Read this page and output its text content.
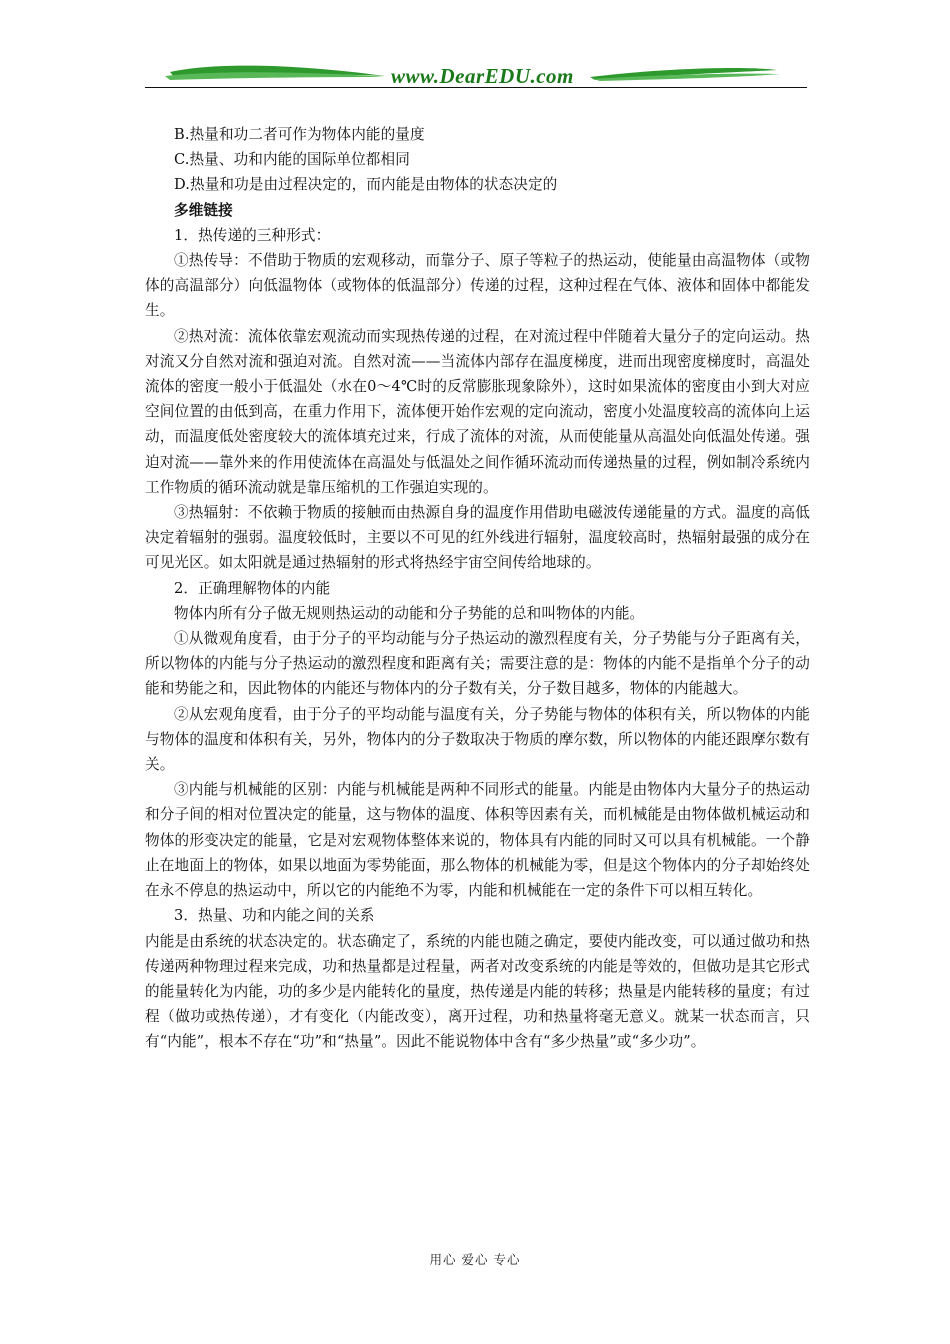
www.DearEDU.com

B.热量和功二者可作为物体内能的量度

C.热量、功和内能的国际单位都相同

D.热量和功是由过程决定的，而内能是由物体的状态决定的

多维链接

1．热传递的三种形式：

①热传导：不借助于物质的宏观移动，而靠分子、原子等粒子的热运动，使能量由高温物体（或物体的高温部分）向低温物体（或物体的低温部分）传递的过程，这种过程在气体、液体和固体中都能发生。

②热对流：流体依靠宏观流动而实现热传递的过程，在对流过程中伴随着大量分子的定向运动。热对流又分自然对流和强迫对流。自然对流——当流体内部存在温度梯度，进而出现密度梯度时，高温处流体的密度一般小于低温处（水在0～4℃时的反常膨胀现象除外），这时如果流体的密度由小到大对应空间位置的由低到高，在重力作用下，流体便开始作宏观的定向流动，密度小处温度较高的流体向上运动，而温度低处密度较大的流体填充过来，行成了流体的对流，从而使能量从高温处向低温处传递。强迫对流——靠外来的作用使流体在高温处与低温处之间作循环流动而传递热量的过程，例如制冷系统内工作物质的循环流动就是靠压缩机的工作强迫实现的。

③热辐射：不依赖于物质的接触而由热源自身的温度作用借助电磁波传递能量的方式。温度的高低决定着辐射的强弱。温度较低时，主要以不可见的红外线进行辐射，温度较高时，热辐射最强的成分在可见光区。如太阳就是通过热辐射的形式将热经宇宙空间传给地球的。

2．正确理解物体的内能

物体内所有分子做无规则热运动的动能和分子势能的总和叫物体的内能。

①从微观角度看，由于分子的平均动能与分子热运动的激烈程度有关，分子势能与分子距离有关，所以物体的内能与分子热运动的激烈程度和距离有关；需要注意的是：物体的内能不是指单个分子的动能和势能之和，因此物体的内能还与物体内的分子数有关，分子数目越多，物体的内能越大。

②从宏观角度看，由于分子的平均动能与温度有关，分子势能与物体的体积有关，所以物体的内能与物体的温度和体积有关，另外，物体内的分子数取决于物质的摩尔数，所以物体的内能还跟摩尔数有关。

③内能与机械能的区别：内能与机械能是两种不同形式的能量。内能是由物体内大量分子的热运动和分子间的相对位置决定的能量，这与物体的温度、体积等因素有关，而机械能是由物体做机械运动和物体的形变决定的能量，它是对宏观物体整体来说的，物体具有内能的同时又可以具有机械能。一个静止在地面上的物体，如果以地面为零势能面，那么物体的机械能为零，但是这个物体内的分子却始终处在永不停息的热运动中，所以它的内能绝不为零，内能和机械能在一定的条件下可以相互转化。

3．热量、功和内能之间的关系

内能是由系统的状态决定的。状态确定了，系统的内能也随之确定，要使内能改变，可以通过做功和热传递两种物理过程来完成，功和热量都是过程量，两者对改变系统的内能是等效的，但做功是其它形式的能量转化为内能，功的多少是内能转化的量度，热传递是内能的转移；热量是内能转移的量度；有过程（做功或热传递），才有变化（内能改变），离开过程，功和热量将毫无意义。就某一状态而言，只有“内能”，根本不存在“功”和“热量”。因此不能说物体中含有“多少热量”或“多少功”。

用心 爱心 专心
